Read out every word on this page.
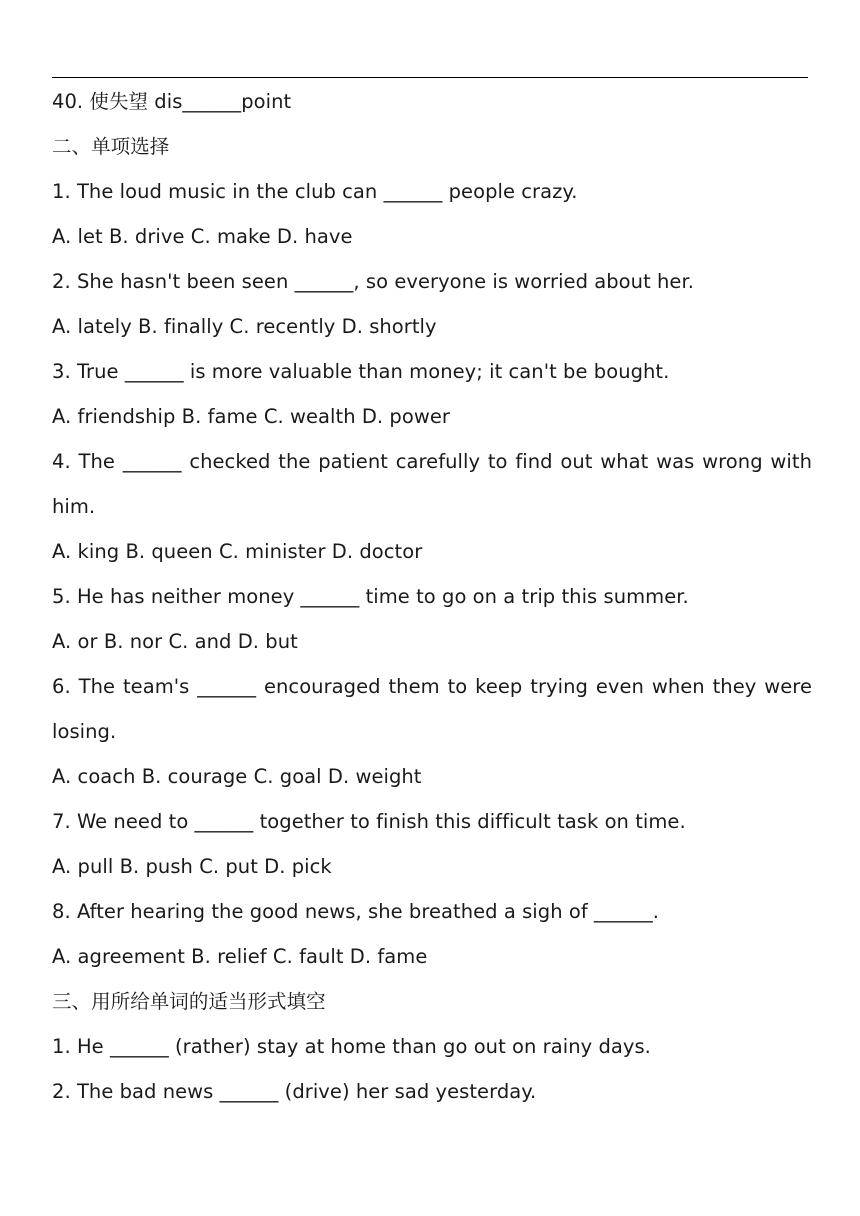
40. 使失望 dis______point
二、单项选择
1. The loud music in the club can ______ people crazy.
A. let B. drive C. make D. have
2. She hasn't been seen ______, so everyone is worried about her.
A. lately B. finally C. recently D. shortly
3. True ______ is more valuable than money; it can't be bought.
A. friendship B. fame C. wealth D. power
4. The ______ checked the patient carefully to find out what was wrong with
him.
A. king B. queen C. minister D. doctor
5. He has neither money ______ time to go on a trip this summer.
A. or B. nor C. and D. but
6. The team's ______ encouraged them to keep trying even when they were
losing.
A. coach B. courage C. goal D. weight
7. We need to ______ together to finish this difficult task on time.
A. pull B. push C. put D. pick
8. After hearing the good news, she breathed a sigh of ______.
A. agreement B. relief C. fault D. fame
三、用所给单词的适当形式填空
1. He ______ (rather) stay at home than go out on rainy days.
2. The bad news ______ (drive) her sad yesterday.
